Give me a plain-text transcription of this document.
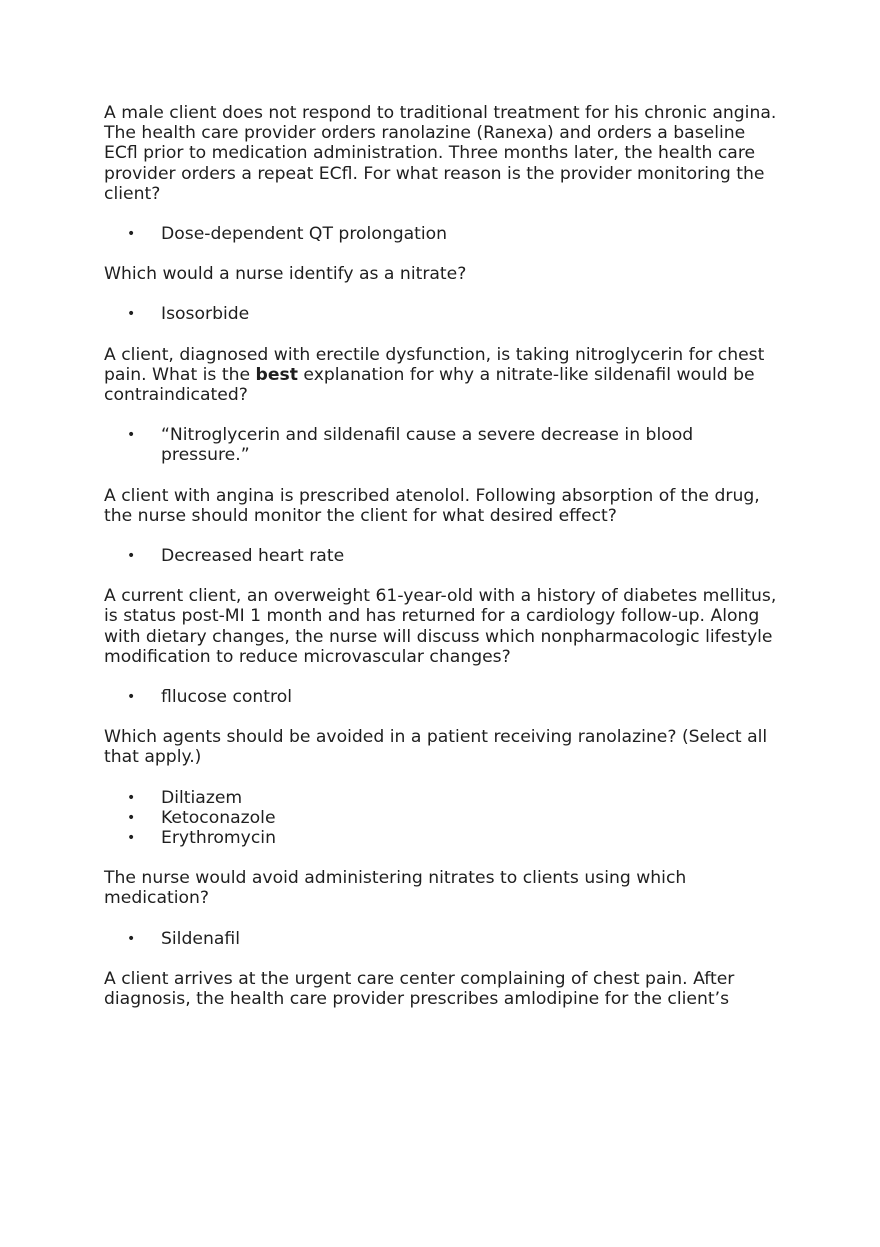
A male client does not respond to traditional treatment for his chronic angina. The health care provider orders ranolazine (Ranexa) and orders a baseline ECfl prior to medication administration. Three months later, the health care provider orders a repeat ECfl. For what reason is the provider monitoring the client?

• Dose-dependent QT prolongation

Which would a nurse identify as a nitrate?

• Isosorbide

A client, diagnosed with erectile dysfunction, is taking nitroglycerin for chest pain. What is the best explanation for why a nitrate-like sildenafil would be contraindicated?

•	“Nitroglycerin and sildenafil cause a severe decrease in blood pressure.”

A client with angina is prescribed atenolol. Following absorption of the drug, the nurse should monitor the client for what desired effect?

• Decreased heart rate

A current client, an overweight 61-year-old with a history of diabetes mellitus, is status post-MI 1 month and has returned for a cardiology follow-up. Along with dietary changes, the nurse will discuss which nonpharmacologic lifestyle modification to reduce microvascular changes?

• fllucose control

Which agents should be avoided in a patient receiving ranolazine? (Select all that apply.)

• Diltiazem
• Ketoconazole
• Erythromycin

The nurse would avoid administering nitrates to clients using which medication?

• Sildenafil

A client arrives at the urgent care center complaining of chest pain. After diagnosis, the health care provider prescribes amlodipine for the client’s
